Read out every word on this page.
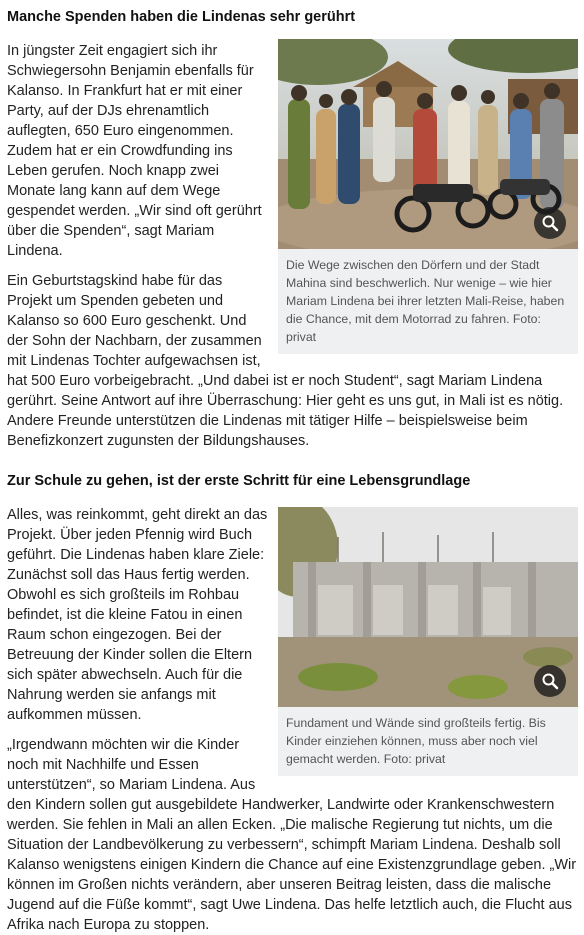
Manche Spenden haben die Lindenas sehr gerührt
Die Wege zwischen den Dörfern und der Stadt Mahina sind beschwerlich. Nur wenige – wie hier Mariam Lindena bei ihrer letzten Mali-Reise, haben die Chance, mit dem Motorrad zu fahren. Foto: privat

In jüngster Zeit engagiert sich ihr Schwiegersohn Benjamin ebenfalls für Kalanso. In Frankfurt hat er mit einer Party, auf der DJs ehrenamtlich auflegten, 650 Euro eingenommen. Zudem hat er ein Crowdfunding ins Leben gerufen. Noch knapp zwei Monate lang kann auf dem Wege gespendet werden. „Wir sind oft gerührt über die Spenden“, sagt Mariam Lindena.

Ein Geburtstagskind habe für das Projekt um Spenden gebeten und Kalanso so 600 Euro geschenkt. Und der Sohn der Nachbarn, der zusammen mit Lindenas Tochter aufgewachsen ist, hat 500 Euro vorbeigebracht. „Und dabei ist er noch Student“, sagt Mariam Lindena gerührt. Seine Antwort auf ihre Überraschung: Hier geht es uns gut, in Mali ist es nötig. Andere Freunde unterstützen die Lindenas mit tätiger Hilfe – beispielsweise beim Benefizkonzert zugunsten der Bildungshauses.

Zur Schule zu gehen, ist der erste Schritt für eine Lebensgrundlage
Fundament und Wände sind großteils fertig. Bis Kinder einziehen können, muss aber noch viel gemacht werden. Foto: privat

Alles, was reinkommt, geht direkt an das Projekt. Über jeden Pfennig wird Buch geführt. Die Lindenas haben klare Ziele: Zunächst soll das Haus fertig werden. Obwohl es sich großteils im Rohbau befindet, ist die kleine Fatou in einen Raum schon eingezogen. Bei der Betreuung der Kinder sollen die Eltern sich später abwechseln. Auch für die Nahrung werden sie anfangs mit aufkommen müssen.

„Irgendwann möchten wir die Kinder noch mit Nachhilfe und Essen unterstützen“, so Mariam Lindena. Aus den Kindern sollen gut ausgebildete Handwerker, Landwirte oder Krankenschwestern werden. Sie fehlen in Mali an allen Ecken. „Die malische Regierung tut nichts, um die Situation der Landbevölkerung zu verbessern“, schimpft Mariam Lindena. Deshalb soll Kalanso wenigstens einigen Kindern die Chance auf eine Existenzgrundlage geben. „Wir können im Großen nichts verändern, aber unseren Beitrag leisten, dass die malische Jugend auf die Füße kommt“, sagt Uwe Lindena. Das helfe letztlich auch, die Flucht aus Afrika nach Europa zu stoppen.
